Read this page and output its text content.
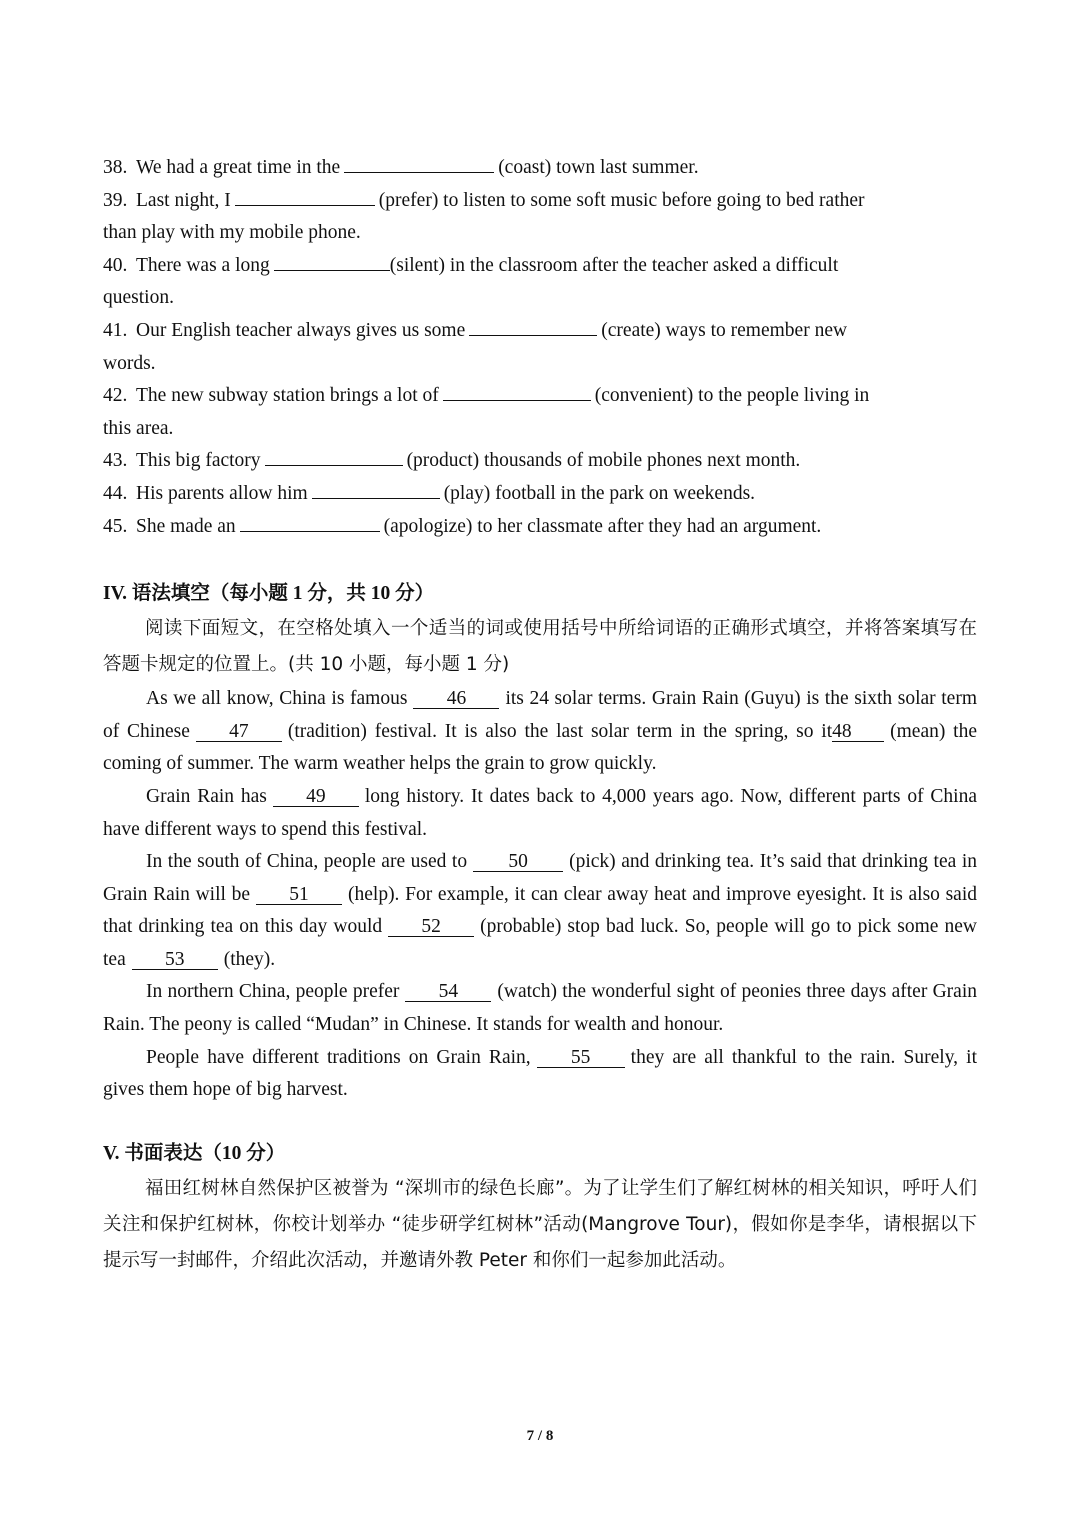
38. We had a great time in the	(coast) town last summer.

39. Last night, I	(prefer) to listen to some soft music before going to bed rather

than play with my mobile phone.

40. There was a long	(silent) in the classroom after the teacher asked a difficult

question.

41. Our English teacher always gives us some	(create) ways to remember new

words.

42. The new subway station brings a lot of	(convenient) to the people living in

this area.

43. This big factory	(product) thousands of mobile phones next month.

44. His parents allow him	(play) football in the park on weekends.

45. She made an	(apologize) to her classmate after they had an argument.

IV. 语法填空（每小题 1 分，共 10 分）

阅读下面短文，在空格处填入一个适当的词或使用括号中所给词语的正确形式填空，并将答案填写在答题卡规定的位置上。(共 10 小题，每小题 1 分)

As we all know, China is famous 46 its 24 solar terms. Grain Rain (Guyu) is the sixth solar term of Chinese 47 (tradition) festival. It is also the last solar term in the spring, so it48 (mean) the coming of summer. The warm weather helps the grain to grow quickly.

Grain Rain has 49 long history. It dates back to 4,000 years ago. Now, different parts of China have different ways to spend this festival.

In the south of China, people are used to 50 (pick) and drinking tea. It’s said that drinking tea in Grain Rain will be 51 (help). For example, it can clear away heat and improve eyesight. It is also said that drinking tea on this day would 52 (probable) stop bad luck. So, people will go to pick some new tea 53 (they).

In northern China, people prefer 54 (watch) the wonderful sight of peonies three days after Grain Rain. The peony is called “Mudan” in Chinese. It stands for wealth and honour.

People have different traditions on Grain Rain, 55 they are all thankful to the rain. Surely, it gives them hope of big harvest.

V. 书面表达（10 分）

福田红树林自然保护区被誉为 “深圳市的绿色长廊”。为了让学生们了解红树林的相关知识，呼吁人们关注和保护红树林，你校计划举办 “徒步研学红树林”活动(Mangrove Tour)，假如你是李华，请根据以下提示写一封邮件，介绍此次活动，并邀请外教 Peter 和你们一起参加此活动。

7 / 8
